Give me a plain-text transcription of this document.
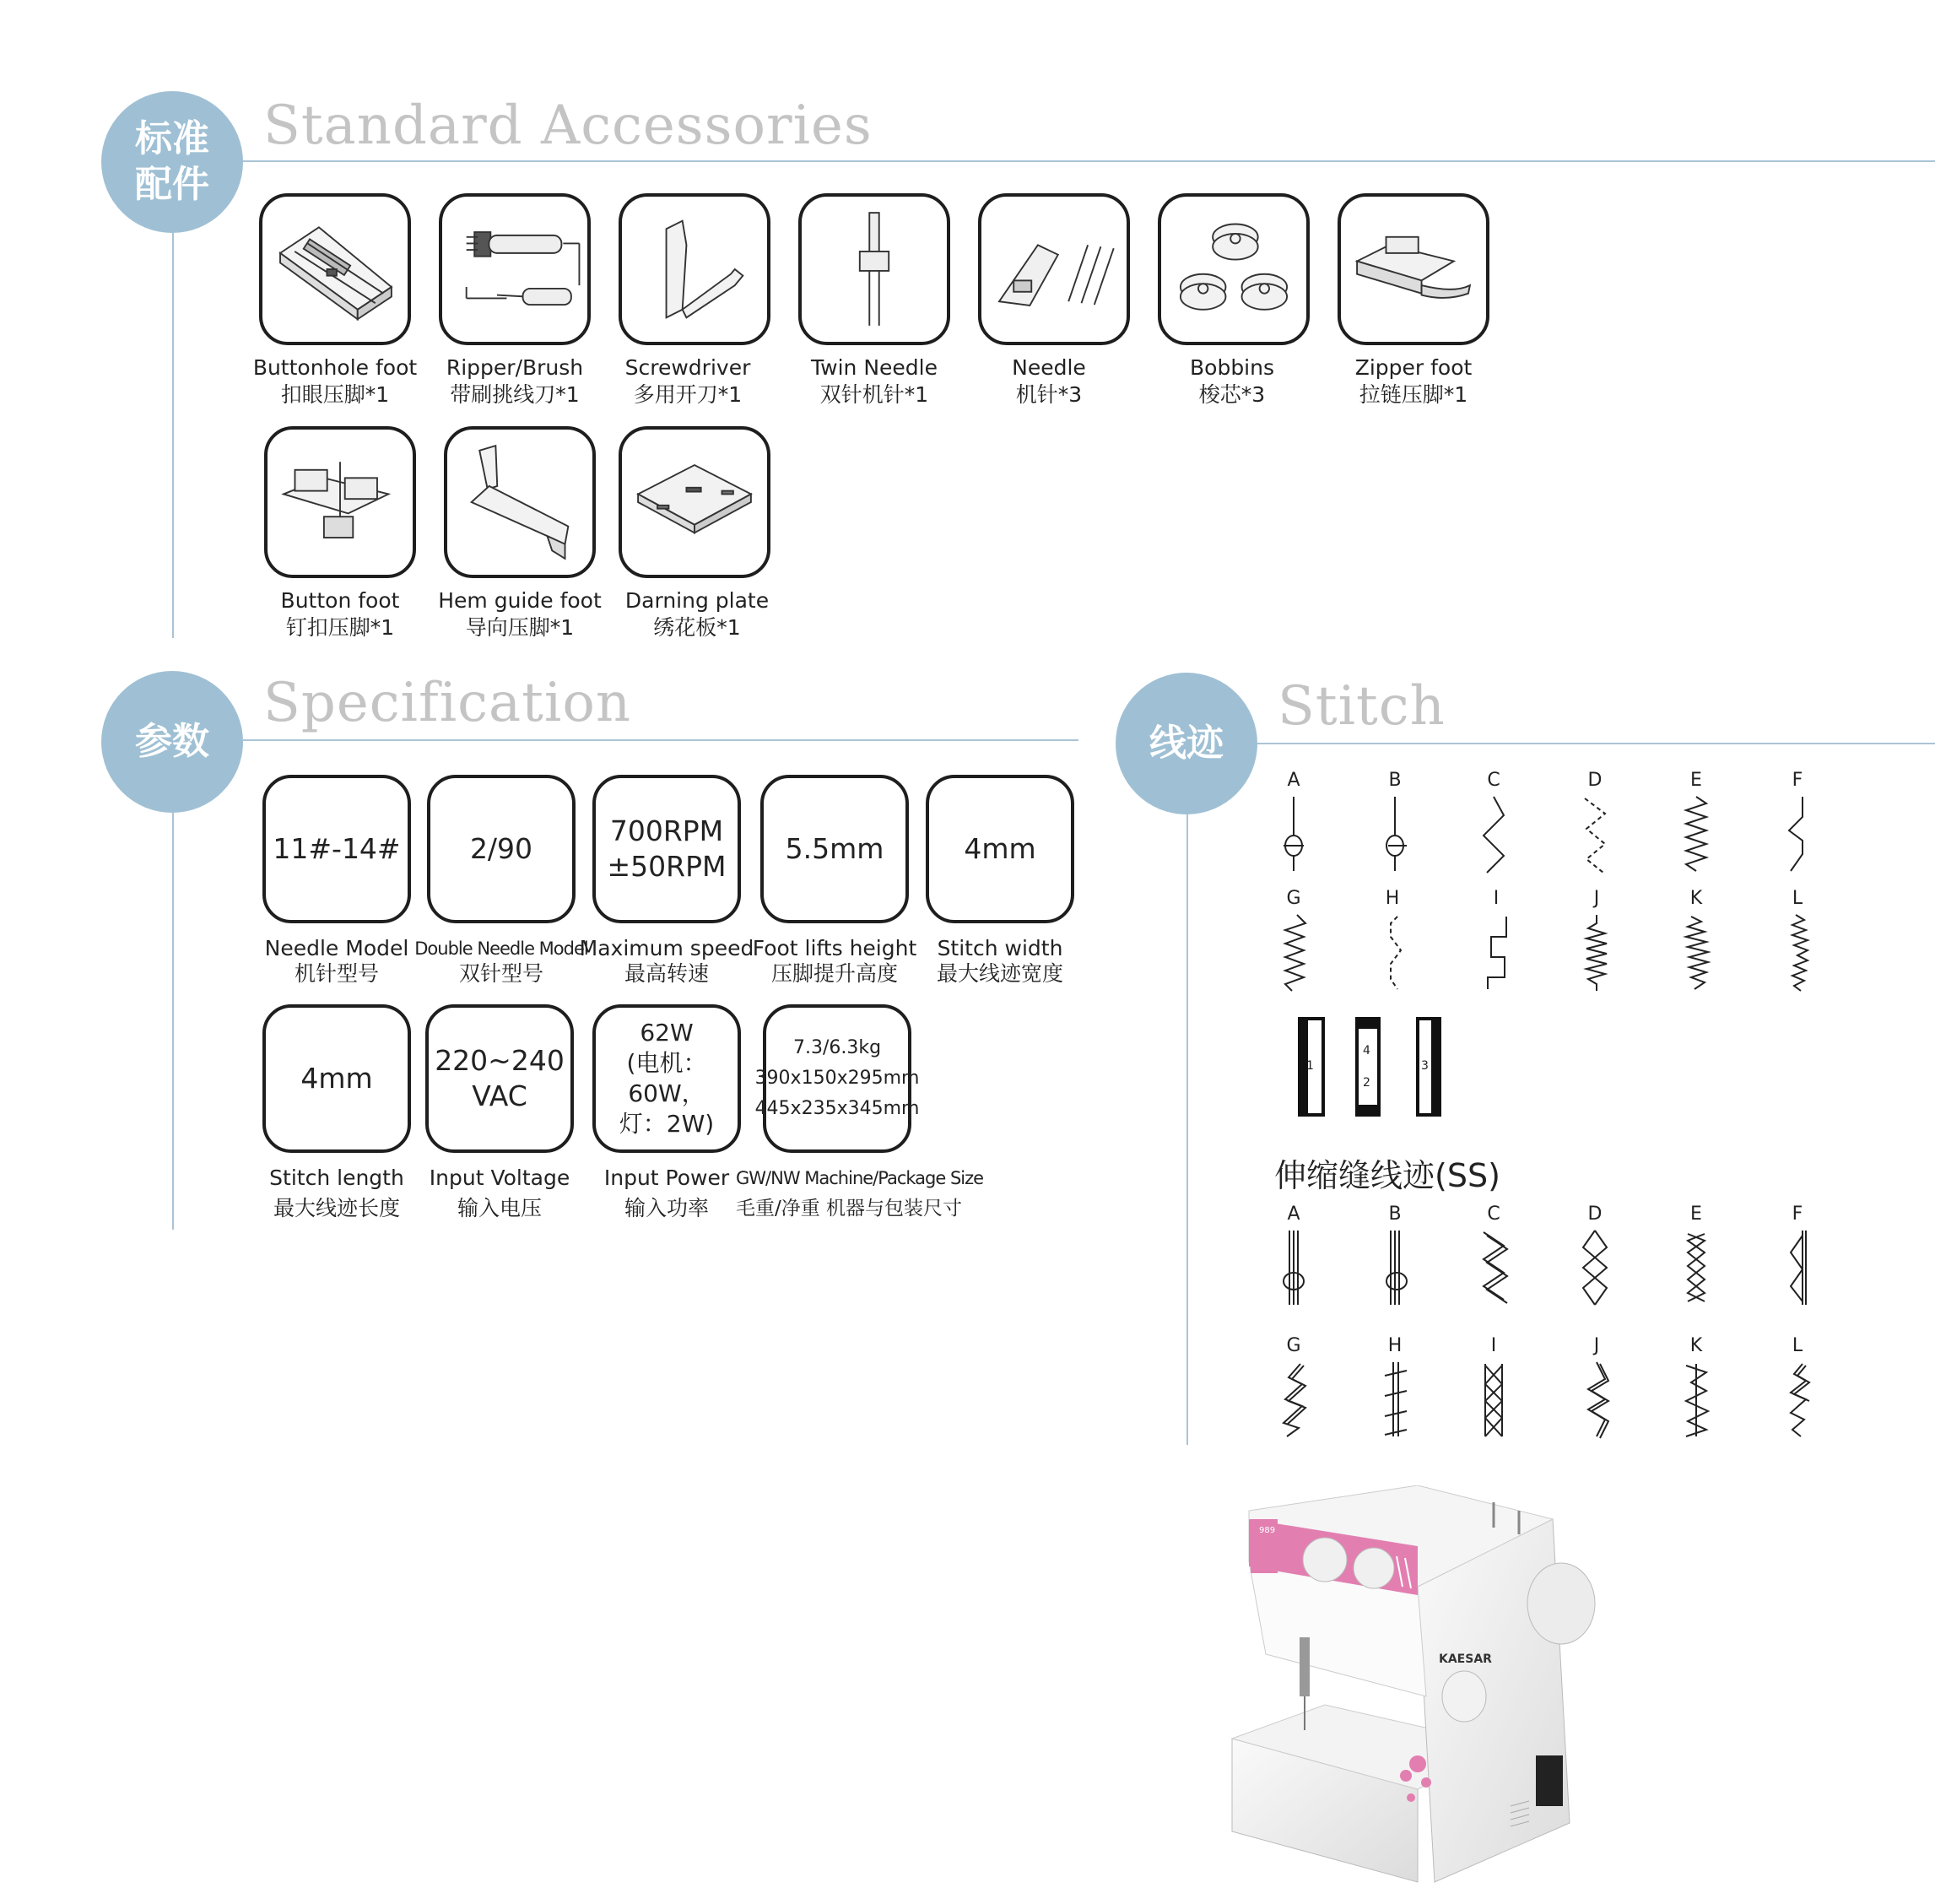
标准
配件
Standard Accessories
Buttonhole foot
扣眼压脚*1
Ripper/Brush
带刷挑线刀*1
Screwdriver
多用开刀*1
Twin Needle
双针机针*1
Needle
机针*3
Bobbins
梭芯*3
Zipper foot
拉链压脚*1
Button foot
钉扣压脚*1
Hem guide foot
导向压脚*1
Darning plate
绣花板*1
参数
Specification
11#-14#	2/90
700RPM
±50RPM
5.5mm	4mm
Needle Model
机针型号
Double Needle Model
双针型号
Maximum speed
最高转速
Foot lifts height
压脚提升高度
Stitch width
最大线迹宽度
4mm
220~240
VAC
62W
(电机：60W，
灯：2W)
7.3/6.3kg
390x150x295mm
445x235x345mm
Stitch length
最大线迹长度
Input Voltage
输入电压
Input Power
输入功率
GW/NW Machine/Package Size
毛重/净重 机器与包装尺寸
线迹
Stitch
A	B	C	D	E	F
G	H	I	J	K	L
1
4
2
3
伸缩缝线迹(SS)
A	B	C	D	E	F
G	H	I	J	K	L
989
KAESAR
